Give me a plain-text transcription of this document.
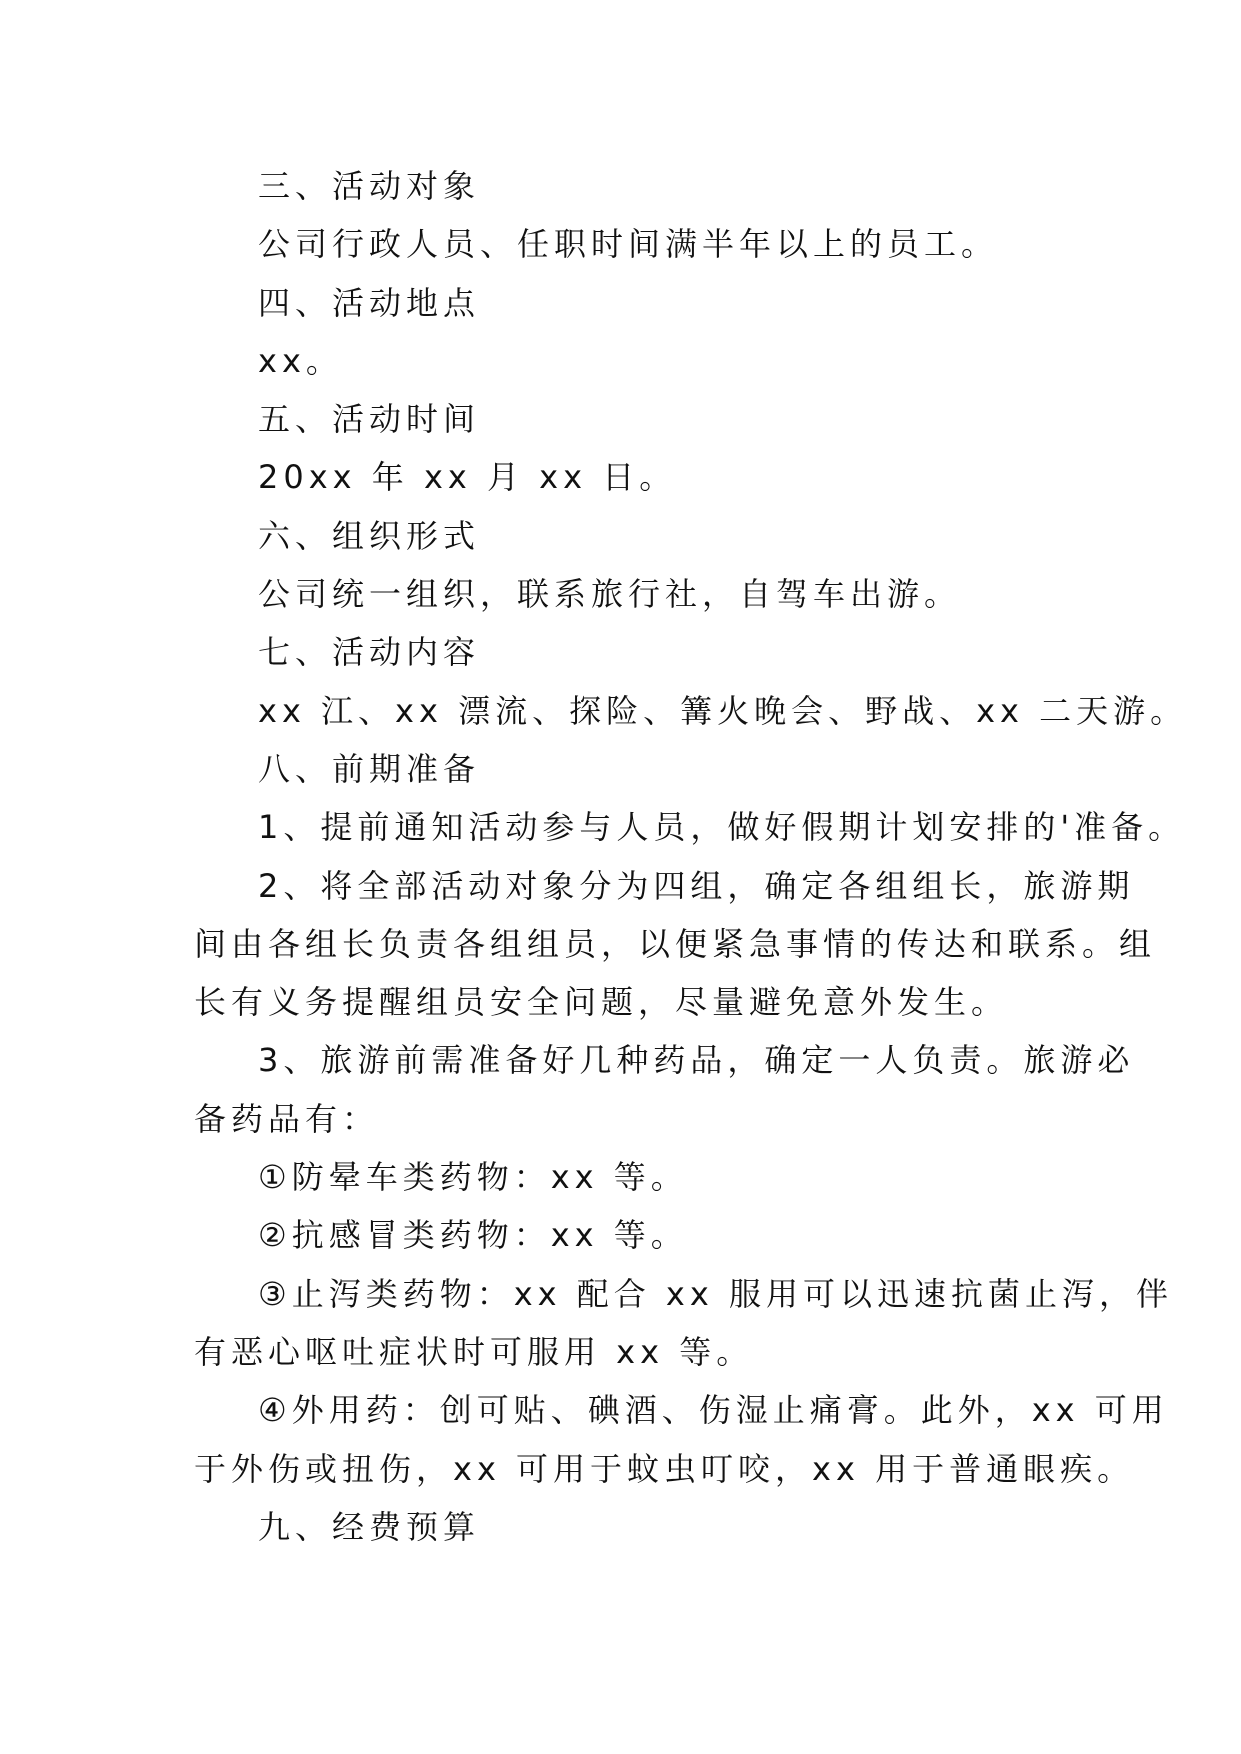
三、活动对象
公司行政人员、任职时间满半年以上的员工。
四、活动地点
xx。
五、活动时间
20xx 年 xx 月 xx 日。
六、组织形式
公司统一组织，联系旅行社，自驾车出游。
七、活动内容
xx 江、xx 漂流、探险、篝火晚会、野战、xx 二天游。
八、前期准备
1、提前通知活动参与人员，做好假期计划安排的'准备。
2、将全部活动对象分为四组，确定各组组长，旅游期
间由各组长负责各组组员，以便紧急事情的传达和联系。组
长有义务提醒组员安全问题，尽量避免意外发生。
3、旅游前需准备好几种药品，确定一人负责。旅游必
备药品有：
①防晕车类药物：xx 等。
②抗感冒类药物：xx 等。
③止泻类药物：xx 配合 xx 服用可以迅速抗菌止泻，伴
有恶心呕吐症状时可服用 xx 等。
④外用药：创可贴、碘酒、伤湿止痛膏。此外，xx 可用
于外伤或扭伤，xx 可用于蚊虫叮咬，xx 用于普通眼疾。
九、经费预算
